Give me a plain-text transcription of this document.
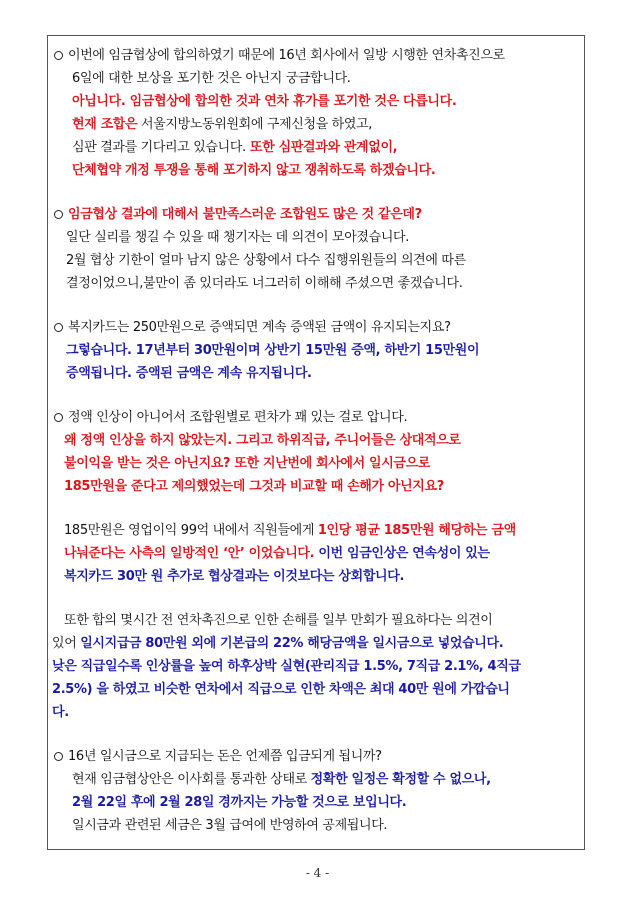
이번에 임금협상에 합의하였기 때문에 16년 회사에서 일방 시행한 연차촉진으로
6일에 대한 보상을 포기한 것은 아닌지 궁금합니다.
아닙니다. 임금협상에 합의한 것과 연차 휴가를 포기한 것은 다릅니다.
현재 조합은 서울지방노동위원회에 구제신청을 하였고,
심판 결과를 기다리고 있습니다. 또한 심판결과와 관계없이,
단체협약 개정 투쟁을 통해 포기하지 않고 쟁취하도록 하겠습니다.
임금협상 결과에 대해서 불만족스러운 조합원도 많은 것 같은데?
일단 실리를 챙길 수 있을 때 챙기자는 데 의견이 모아졌습니다.
2월 협상 기한이 얼마 남지 않은 상황에서 다수 집행위원들의 의견에 따른
결정이었으니,불만이 좀 있더라도 너그러히 이해해 주셨으면 좋겠습니다.
복지카드는 250만원으로 증액되면 계속 증액된 금액이 유지되는지요?
그렇습니다. 17년부터 30만원이며 상반기 15만원 증액, 하반기 15만원이
증액됩니다. 증액된 금액은 계속 유지됩니다.
정액 인상이 아니어서 조합원별로 편차가 꽤 있는 걸로 압니다.
왜 정액 인상을 하지 않았는지. 그리고 하위직급, 주니어들은 상대적으로
불이익을 받는 것은 아닌지요? 또한 지난번에 회사에서 일시금으로
185만원을 준다고 제의했었는데 그것과 비교할 때 손해가 아닌지요?
185만원은 영업이익 99억 내에서 직원들에게 1인당 평균 185만원 해당하는 금액
나눠준다는 사측의 일방적인 ‘안’ 이었습니다. 이번 임금인상은 연속성이 있는
복지카드 30만 원 추가로 협상결과는 이것보다는 상회합니다.
또한 합의 몇시간 전 연차촉진으로 인한 손해를 일부 만회가 필요하다는 의견이
있어 일시지급금 80만원 외에 기본급의 22% 해당금액을 일시금으로 넣었습니다.
낮은 직급일수록 인상률을 높여 하후상박 실현(관리직급 1.5%, 7직급 2.1%, 4직급
2.5%) 을 하였고 비슷한 연차에서 직급으로 인한 차액은 최대 40만 원에 가깝습니
다.
16년 일시금으로 지급되는 돈은 언제쯤 입금되게 됩니까?
현재 임금협상안은 이사회를 통과한 상태로 정확한 일정은 확정할 수 없으나,
2월 22일 후에 2월 28일 경까지는 가능할 것으로 보입니다.
일시금과 관련된 세금은 3월 급여에 반영하여 공제됩니다.
- 4 -
